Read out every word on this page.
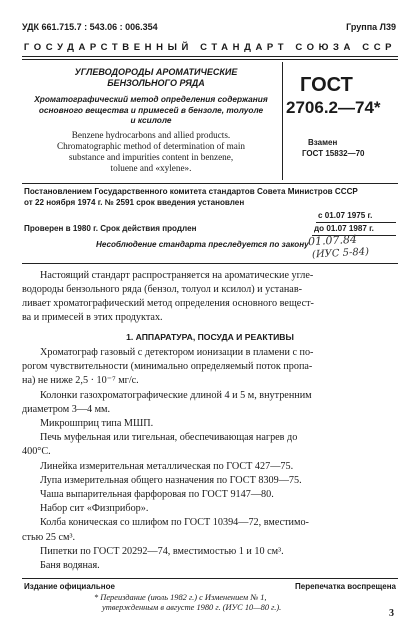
УДК 661.715.7 : 543.06 : 006.354	Группа Л39
ГОСУДАРСТВЕННЫЙ СТАНДАРТ СОЮЗА ССР
УГЛЕВОДОРОДЫ АРОМАТИЧЕСКИЕ
БЕНЗОЛЬНОГО РЯДА
Хроматографический метод определения содержания
основного вещества и примесей в бензоле, толуоле
и ксилоле
Benzene hydrocarbons and allied products.
Chromatographic method of determination of main
substance and impurities content in benzene,
toluene and «xylene».
ГОСТ
2706.2—74*
Взамен
ГОСТ 15832—70
Постановлением Государственного комитета стандартов Совета Министров СССР
от 22 ноября 1974 г. № 2591 срок введения установлен
с 01.07 1975 г.
Проверен в 1980 г. Срок действия продлен	до 01.07 1987 г.
Несоблюдение стандарта преследуется по закону 01.07.84
(ИУС 5-84)
Настоящий стандарт распространяется на ароматические угле-
водороды бензольного ряда (бензол, толуол и ксилол) и устанав-
ливает хроматографический метод определения основного вещест-
ва и примесей в этих продуктах.
1. АППАРАТУРА, ПОСУДА И РЕАКТИВЫ
Хроматограф газовый с детектором ионизации в пламени с по-
рогом чувствительности (минимально определяемый поток пропа-
на) не ниже 2,5 · 10⁻⁷ мг/с.
Колонки газохроматографические длиной 4 и 5 м, внутренним
диаметром 3—4 мм.
Микрошприц типа МШП.
Печь муфельная или тигельная, обеспечивающая нагрев до
400°С.
Линейка измерительная металлическая по ГОСТ 427—75.
Лупа измерительная общего назначения по ГОСТ 8309—75.
Чаша выпарительная фарфоровая по ГОСТ 9147—80.
Набор сит «Физприбор».
Колба коническая со шлифом по ГОСТ 10394—72, вместимо-
стью 25 см³.
Пипетки по ГОСТ 20292—74, вместимостью 1 и 10 см³.
Баня водяная.
Издание официальное	Перепечатка воспрещена
* Переиздание (июль 1982 г.) с Изменением № 1,
утвержденным в августе 1980 г. (ИУС 10—80 г.).
3
